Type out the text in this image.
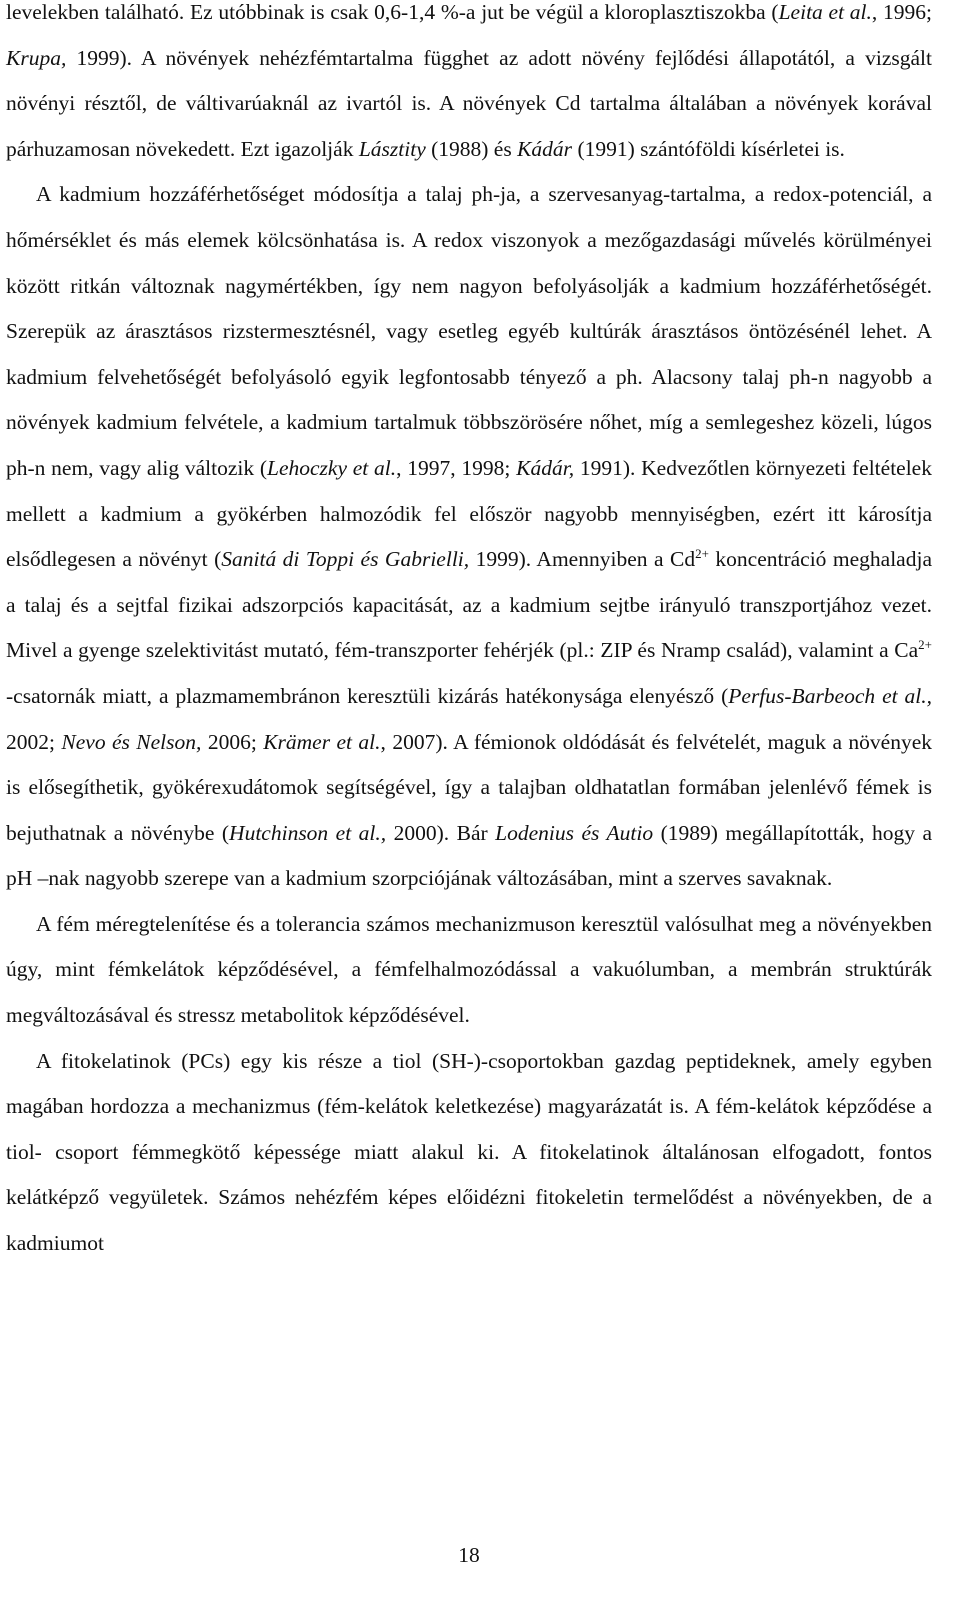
levelekben található. Ez utóbbinak is csak 0,6-1,4 %-a jut be végül a kloroplasztiszokba (Leita et al., 1996; Krupa, 1999). A növények nehézfémtartalma függhet az adott növény fejlődési állapotától, a vizsgált növényi résztől, de váltivarúaknál az ivartól is. A növények Cd tartalma általában a növények korával párhuzamosan növekedett. Ezt igazolják Lásztity (1988) és Kádár (1991) szántóföldi kísérletei is.

A kadmium hozzáférhetőséget módosítja a talaj ph-ja, a szervesanyag-tartalma, a redox-potenciál, a hőmérséklet és más elemek kölcsönhatása is. A redox viszonyok a mezőgazdasági művelés körülményei között ritkán változnak nagymértékben, így nem nagyon befolyásolják a kadmium hozzáférhetőségét. Szerepük az árasztásos rizstermesztésnél, vagy esetleg egyéb kultúrák árasztásos öntözésénél lehet. A kadmium felvehetőségét befolyásoló egyik legfontosabb tényező a ph. Alacsony talaj ph-n nagyobb a növények kadmium felvétele, a kadmium tartalmuk többszörösére nőhet, míg a semlegeshez közeli, lúgos ph-n nem, vagy alig változik (Lehoczky et al., 1997, 1998; Kádár, 1991). Kedvezőtlen környezeti feltételek mellett a kadmium a gyökérben halmozódik fel először nagyobb mennyiségben, ezért itt károsítja elsődlegesen a növényt (Sanitá di Toppi és Gabrielli, 1999). Amennyiben a $Cd^{2+}$ koncentráció meghaladja a talaj és a sejtfal fizikai adszorpciós kapacitását, az a kadmium sejtbe irányuló transzportjához vezet. Mivel a gyenge szelektivitást mutató, fém-transzporter fehérjék (pl.: ZIP és Nramp család), valamint a $Ca^{2+}$ -csatornák miatt, a plazmamembránon keresztüli kizárás hatékonysága elenyésző (Perfus-Barbeoch et al., 2002; Nevo és Nelson, 2006; Krämer et al., 2007). A fémionok oldódását és felvételét, maguk a növények is elősegíthetik, gyökérexudátomok segítségével, így a talajban oldhatatlan formában jelenlévő fémek is bejuthatnak a növénybe (Hutchinson et al., 2000). Bár Lodenius és Autio (1989) megállapították, hogy a pH –nak nagyobb szerepe van a kadmium szorpciójának változásában, mint a szerves savaknak.

A fém méregtelenítése és a tolerancia számos mechanizmuson keresztül valósulhat meg a növényekben úgy, mint fémkelátok képződésével, a fémfelhalmozódással a vakuólumban, a membrán struktúrák megváltozásával és stressz metabolitok képződésével.

A fitokelatinok (PCs) egy kis része a tiol (SH-)-csoportokban gazdag peptideknek, amely egyben magában hordozza a mechanizmus (fém-kelátok keletkezése) magyarázatát is. A fém-kelátok képződése a tiol- csoport fémmegkötő képessége miatt alakul ki. A fitokelatinok általánosan elfogadott, fontos kelátképző vegyületek. Számos nehézfém képes előidézni fitokeletin termelődést a növényekben, de a kadmiumot

18
